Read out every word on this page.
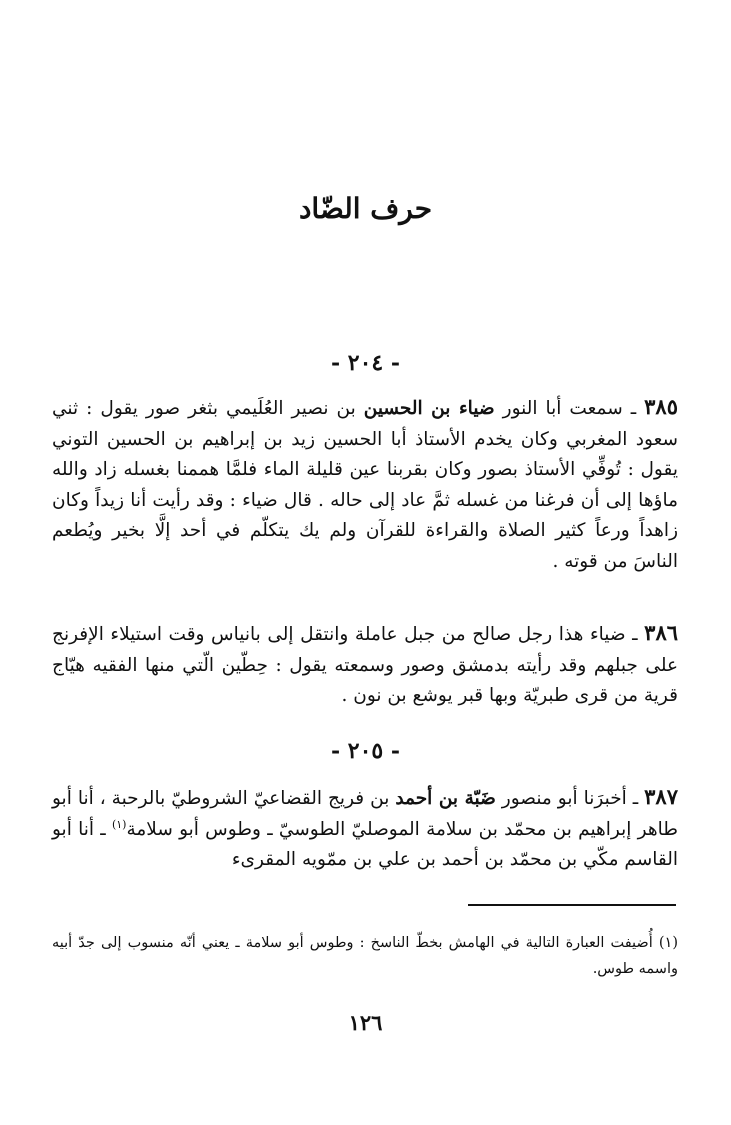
حرف الضّاد
- ٢٠٤ -

٣٨٥ ـ سمعت أبا النور ضياء بن الحسين بن نصير العُلَيمي بثغر صور يقول : ثني سعود المغربي وكان يخدم الأستاذ أبا الحسين زيد بن إبراهيم بن الحسين التوني يقول : تُوفِّي الأستاذ بصور وكان بقربنا عين قليلة الماء فلمَّا هممنا بغسله زاد والله ماؤها إلى أن فرغنا من غسله ثمَّ عاد إلى حاله . قال ضياء : وقد رأيت أنا زيداً وكان زاهداً ورعاً كثير الصلاة والقراءة للقرآن ولم يك يتكلّم في أحد إلَّا بخير ويُطعم الناسَ من قوته .

٣٨٦ ـ ضياء هذا رجل صالح من جبل عاملة وانتقل إلى بانياس وقت استيلاء الإفرنج على جبلهم وقد رأيته بدمشق وصور وسمعته يقول : حِطّين الّتي منها الفقيه هيّاج قرية من قرى طبريّة وبها قبر يوشع بن نون .

- ٢٠٥ -

٣٨٧ ـ أخبرَنا أبو منصور ضَبّة بن أحمد بن فريج القضاعيّ الشروطيّ بالرحبة ، أنا أبو طاهر إبراهيم بن محمّد بن سلامة الموصليّ الطوسيّ ـ وطوس أبو سلامة$^{(١)}$ ـ أنا أبو القاسم مكّي بن محمّد بن أحمد بن علي بن ممّويه المقرىء

(١) أُضيفت العبارة التالية في الهامش بخطّ الناسخ : وطوس أبو سلامة ـ يعني أنّه منسوب إلى جدّ أبيه واسمه طوس.

١٢٦
